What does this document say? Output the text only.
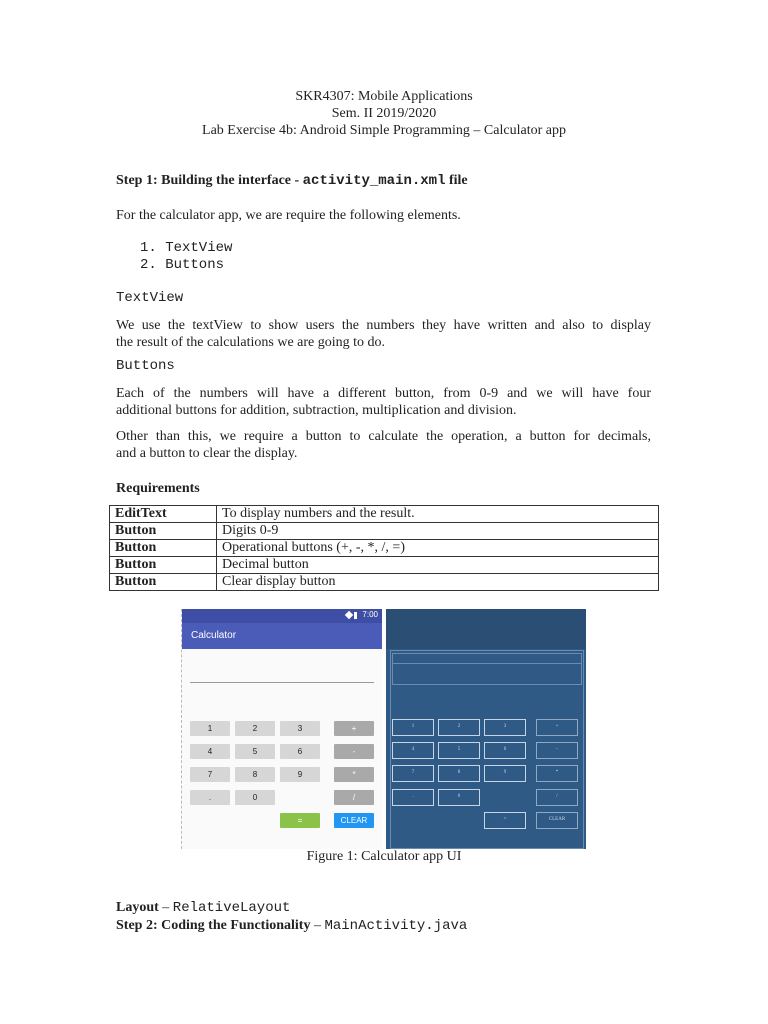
SKR4307: Mobile Applications
Sem. II 2019/2020
Lab Exercise 4b: Android Simple Programming – Calculator app
Step 1: Building the interface - activity_main.xml file
For the calculator app, we are require the following elements.
1. TextView
2. Buttons
TextView
We use the textView to show users the numbers they have written and also to display
the result of the calculations we are going to do.
Buttons
Each of the numbers will have a different button, from 0-9 and we will have four
additional buttons for addition, subtraction, multiplication and division.
Other than this, we require a button to calculate the operation, a button for decimals,
and a button to clear the display.
Requirements
EditText	To display numbers and the result.
Button	Digits 0-9
Button	Operational buttons (+, -, *, /, =)
Button	Decimal button
Button	Clear display button
7:00
Calculator
1	2	3	+
4	5	6	-
7	8	9	*
.	0	/
=	CLEAR
1	2	3	+
4	5	6	-
7	8	9	*
.	0	/
=	CLEAR
Figure 1: Calculator app UI
Layout – RelativeLayout
Step 2: Coding the Functionality – MainActivity.java
